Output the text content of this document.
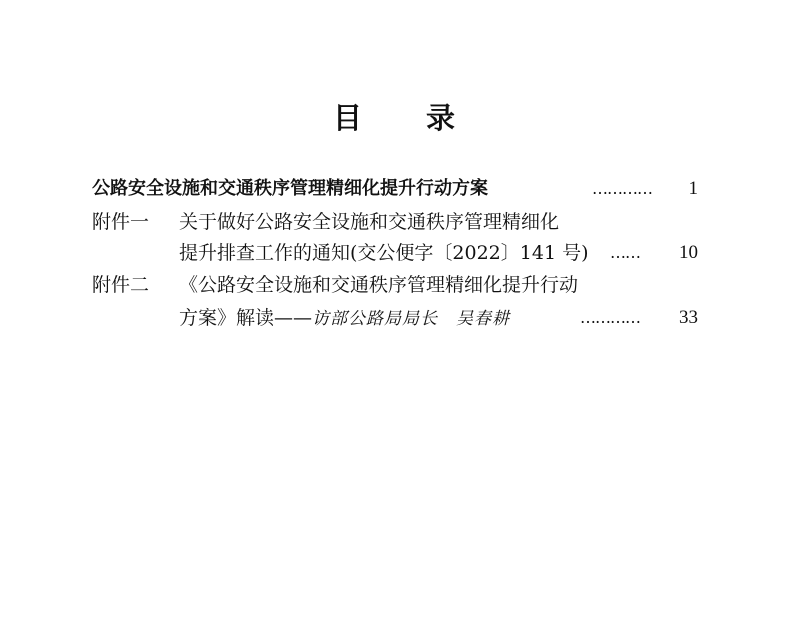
目 录
公路安全设施和交通秩序管理精细化提升行动方案	………… 1
附件一 关于做好公路安全设施和交通秩序管理精细化
提升排查工作的通知(交公便字〔2022〕141 号) …… 10
附件二 《公路安全设施和交通秩序管理精细化提升行动
方案》解读——访部公路局局长 吴春耕	………… 33
